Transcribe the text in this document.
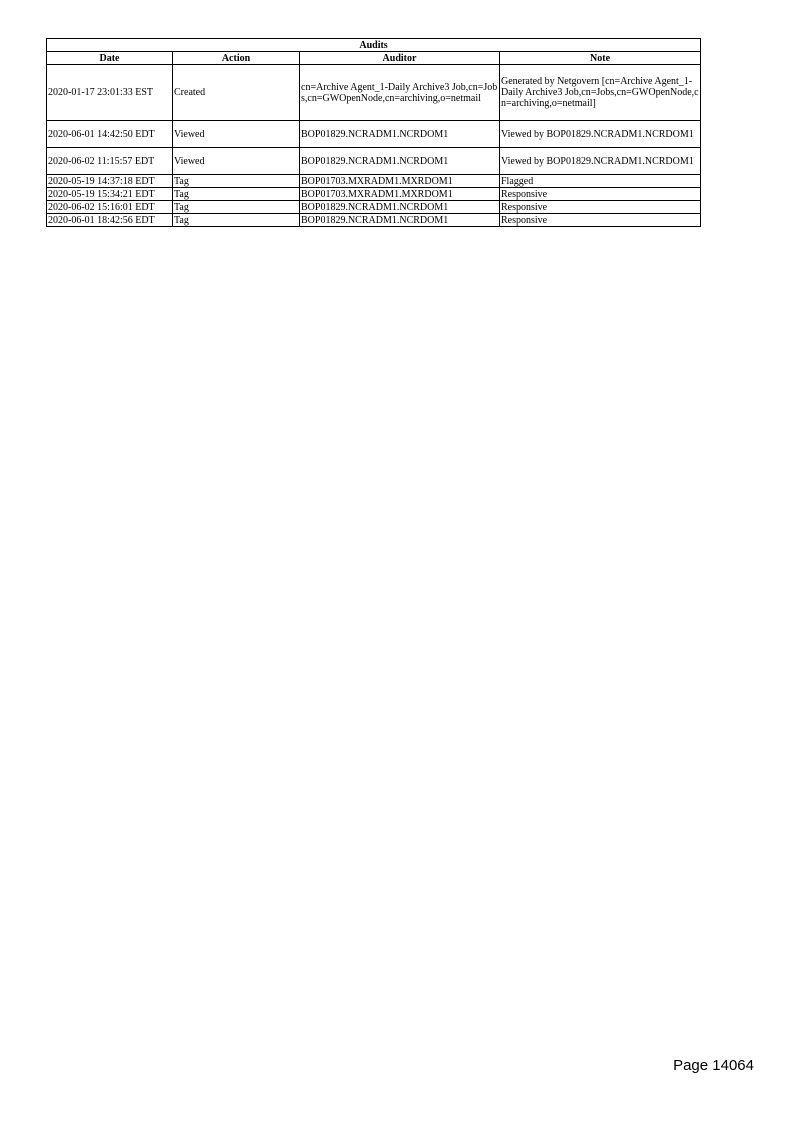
Audits			
Date	Action	Auditor	Note
2020-01-17 23:01:33 EST	Created	cn=Archive Agent_1-Daily Archive3 Job,cn=Jobs,cn=GWOpenNode,cn=archiving,o=netmail	Generated by Netgovern [cn=Archive Agent_1-Daily Archive3 Job,cn=Jobs,cn=GWOpenNode,cn=archiving,o=netmail]
2020-06-01 14:42:50 EDT	Viewed	BOP01829.NCRADM1.NCRDOM1	Viewed by BOP01829.NCRADM1.NCRDOM1
2020-06-02 11:15:57 EDT	Viewed	BOP01829.NCRADM1.NCRDOM1	Viewed by BOP01829.NCRADM1.NCRDOM1
2020-05-19 14:37:18 EDT	Tag	BOP01703.MXRADM1.MXRDOM1	Flagged
2020-05-19 15:34:21 EDT	Tag	BOP01703.MXRADM1.MXRDOM1	Responsive
2020-06-02 15:16:01 EDT	Tag	BOP01829.NCRADM1.NCRDOM1	Responsive
2020-06-01 18:42:56 EDT	Tag	BOP01829.NCRADM1.NCRDOM1	Responsive
Page 14064
